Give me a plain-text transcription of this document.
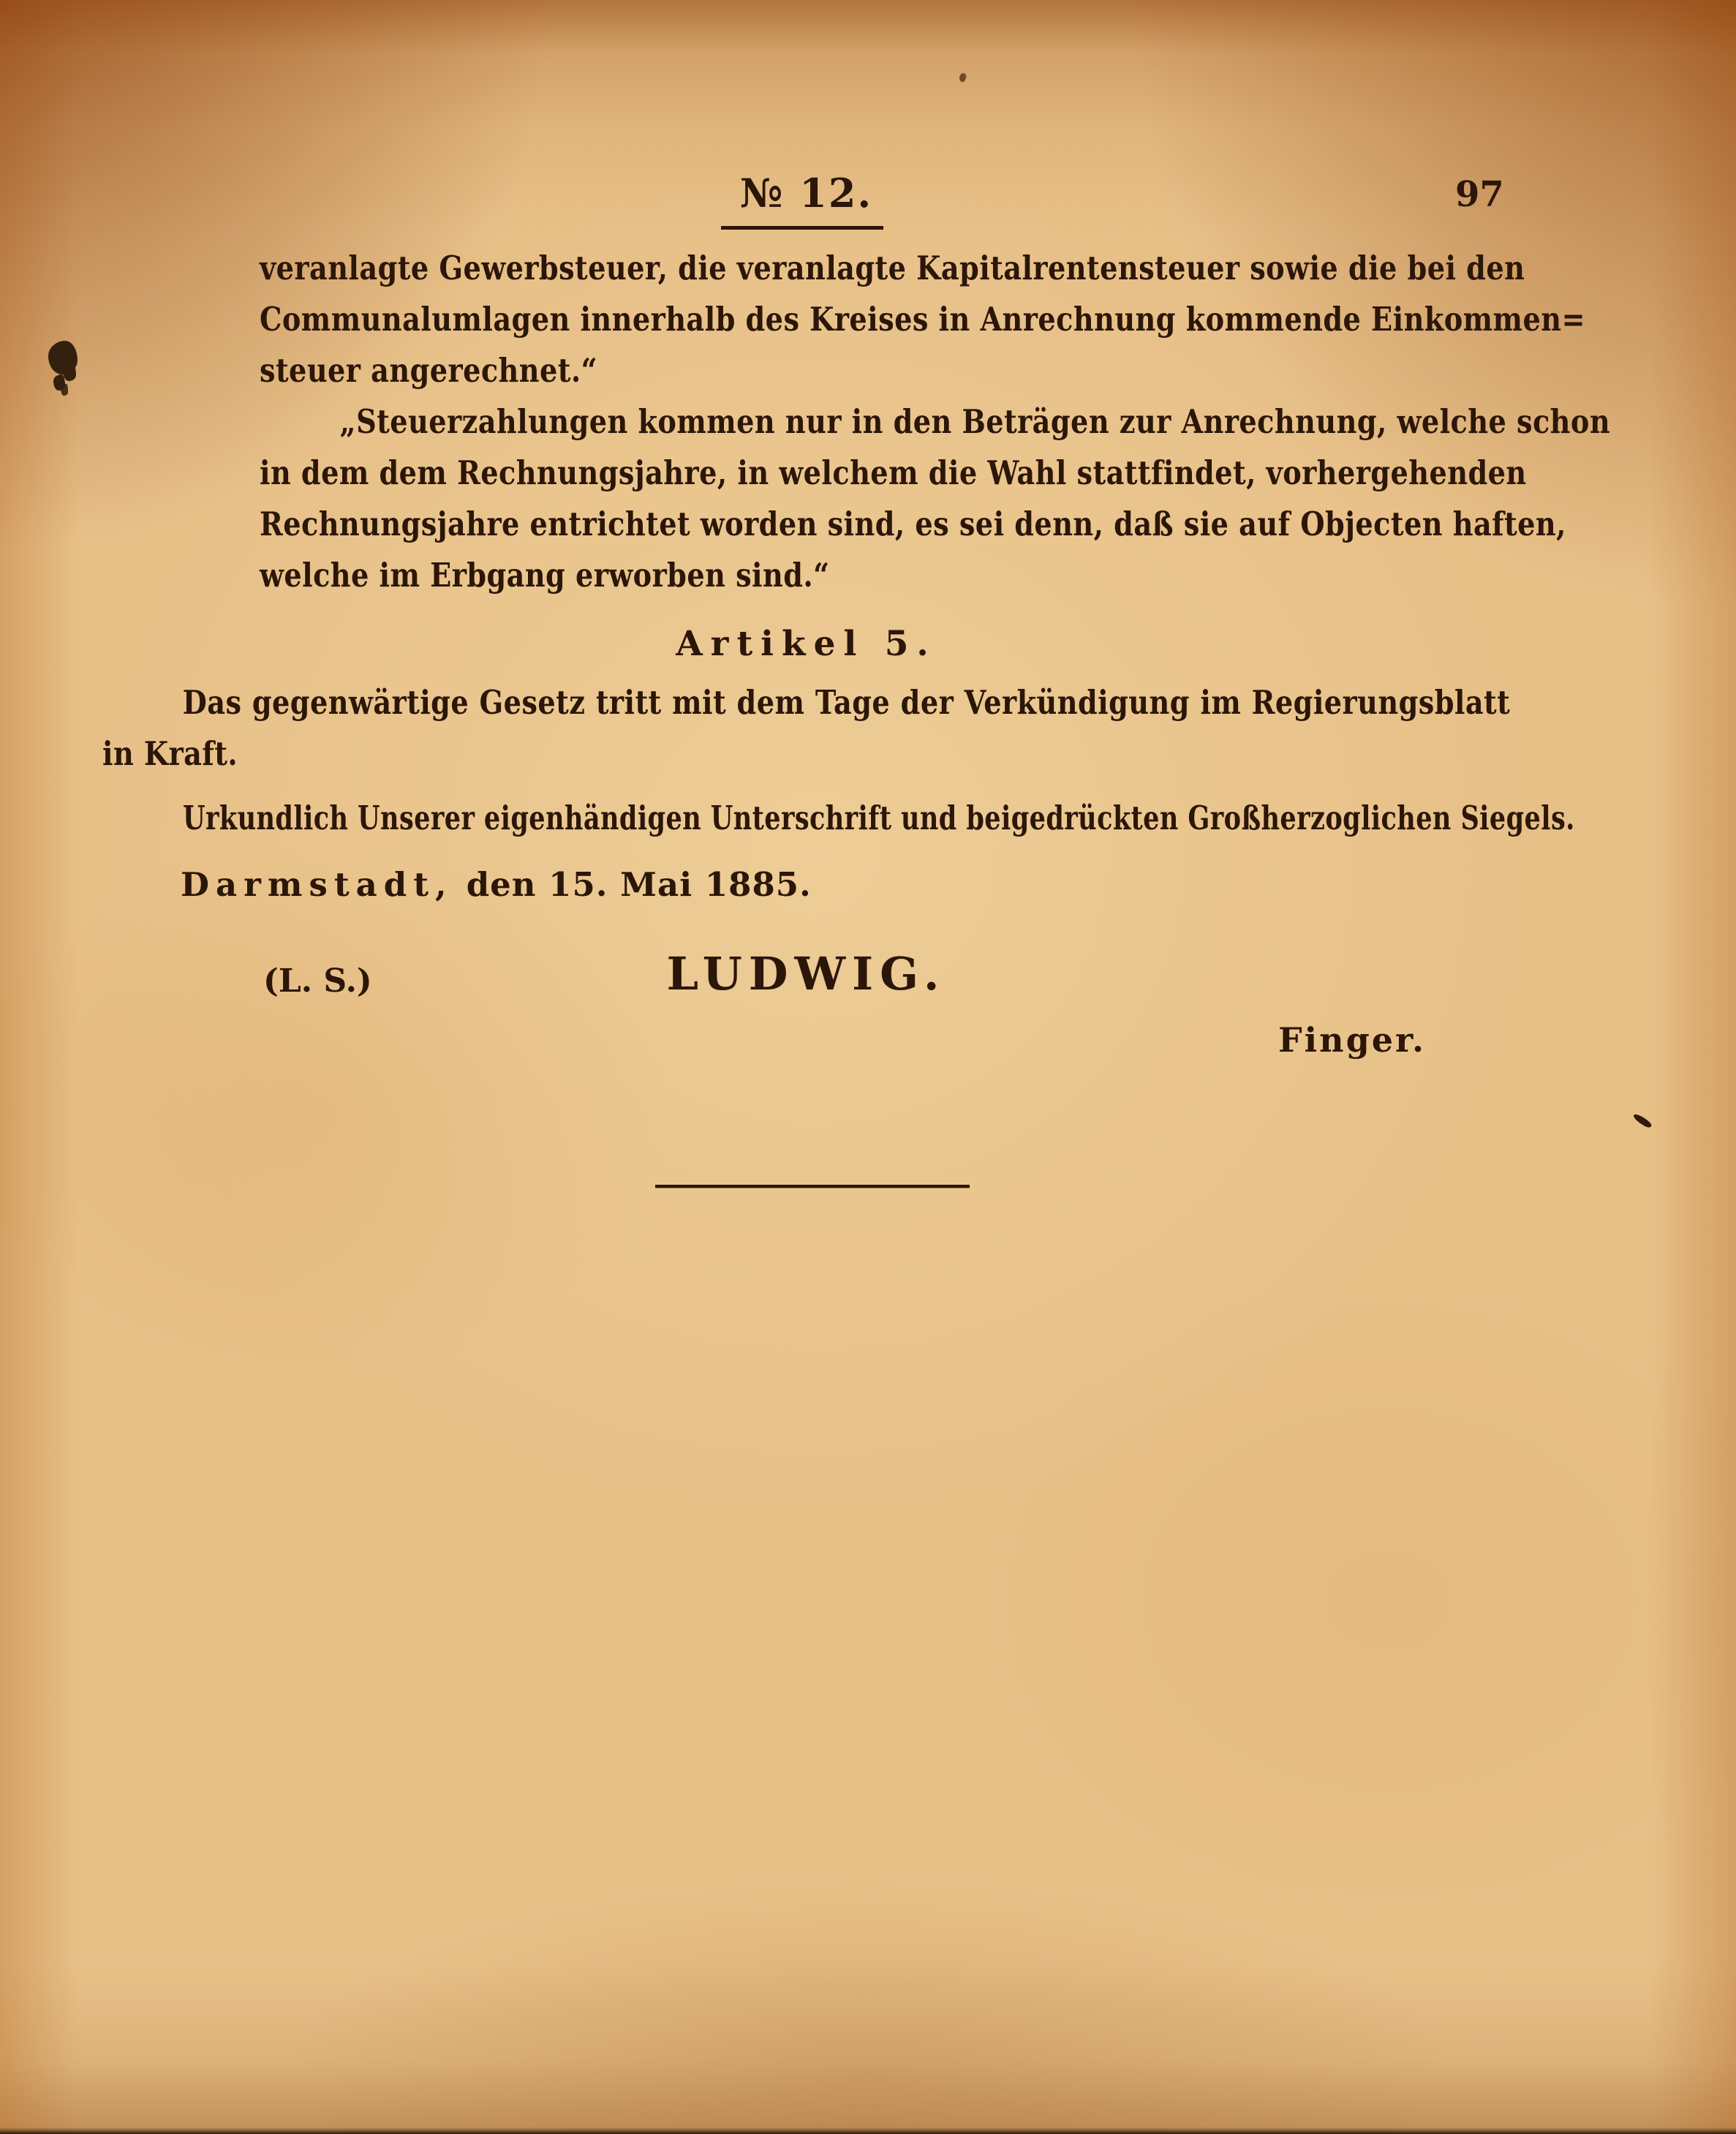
№ 12.	97
veranlagte Gewerbsteuer, die veranlagte Kapitalrentensteuer sowie die bei den
Communalumlagen innerhalb des Kreises in Anrechnung kommende Einkommen=
steuer angerechnet.“
„Steuerzahlungen kommen nur in den Beträgen zur Anrechnung, welche schon
in dem dem Rechnungsjahre, in welchem die Wahl stattfindet, vorhergehenden
Rechnungsjahre entrichtet worden sind, es sei denn, daß sie auf Objecten haften,
welche im Erbgang erworben sind.“
Artikel 5.
Das gegenwärtige Gesetz tritt mit dem Tage der Verkündigung im Regierungsblatt
in Kraft.
Urkundlich Unserer eigenhändigen Unterschrift und beigedrückten Großherzoglichen Siegels.
Darmstadt, den 15. Mai 1885.
(L. S.)	LUDWIG.
Finger.
